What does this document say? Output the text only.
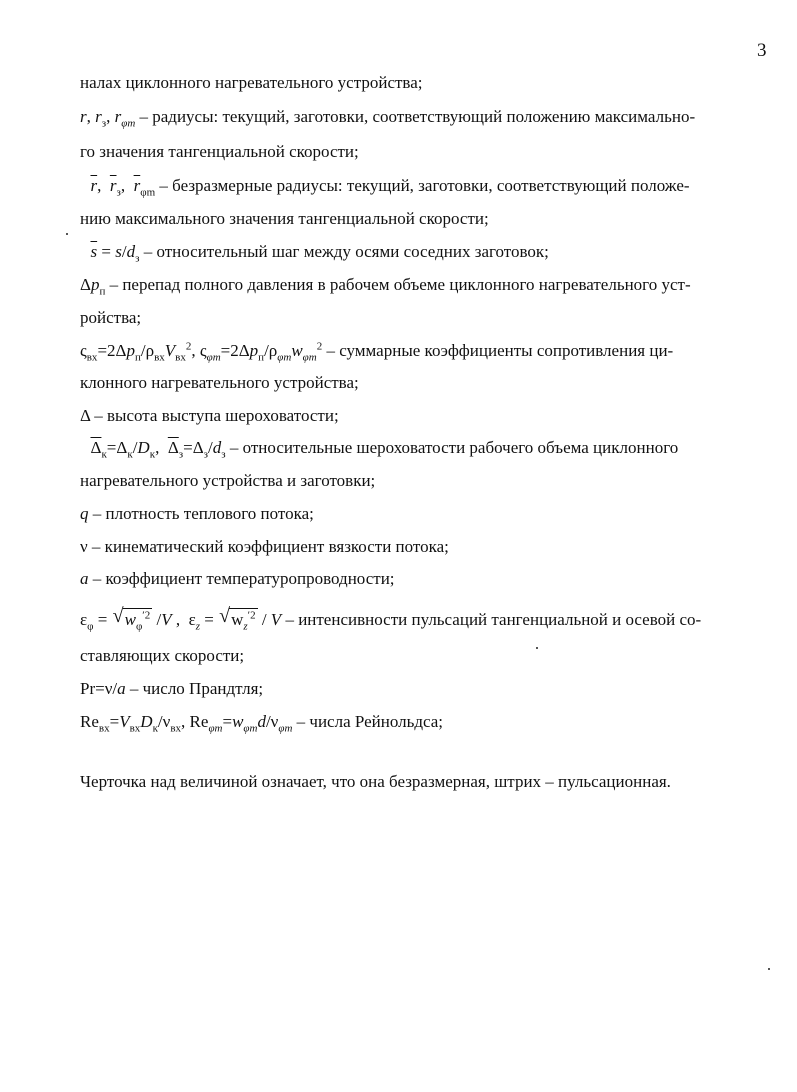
3
налах циклонного нагревательного устройства;
r, $r_з$, $r_{\varphi m}$ – радиусы: текущий, заготовки, соответствующий положению максимально-
го значения тангенциальной скорости;
$\overline{r}$,  $\overline{r}_з$,  $\overline{r}_{\varphi m}$ – безразмерные радиусы: текущий, заготовки, соответствующий положе-
нию максимального значения тангенциальной скорости;
$\overline{s} = s/d_з$ – относительный шаг между осями соседних заготовок;
$\Delta p_п$ – перепад полного давления в рабочем объеме циклонного нагревательного уст-
ройства;
$\varsigma_{вх}=2\Delta p_п/\rho_{вх}V_{вх}^2$, $\varsigma_{\varphi m}=2\Delta p_п/\rho_{\varphi m}w_{\varphi m}^2$ – суммарные коэффициенты сопротивления ци-
клонного нагревательного устройства;
Δ – высота выступа шероховатости;
$\overline{\Delta}_к=\Delta_к/D_к$,  $\overline{\Delta}_з=\Delta_з/d_з$ – относительные шероховатости рабочего объема циклонного
нагревательного устройства и заготовки;
q – плотность теплового потока;
ν – кинематический коэффициент вязкости потока;
a – коэффициент температуропроводности;
$\varepsilon_\varphi$ = √ $w_\varphi^{'2}$ /V ,  $\varepsilon_z$ = √ $w_z^{'2}$ / V – интенсивности пульсаций тангенциальной и осевой со-
ставляющих скорости;
Pr=ν/a – число Прандтля;
$Re_{вх}=V_{вх}D_к/\nu_{вх}$, $Re_{\varphi m}=w_{\varphi m}d/\nu_{\varphi m}$ – числа Рейнольдса;
Черточка над величиной означает, что она безразмерная, штрих – пульсационная.
